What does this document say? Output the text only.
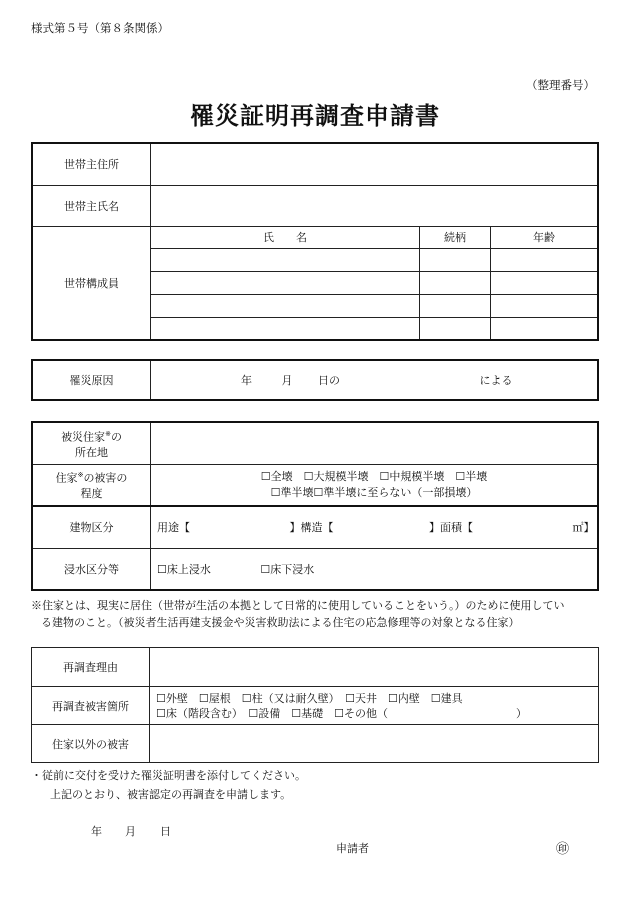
様式第５号（第８条関係）
（整理番号）
罹災証明再調査申請書
世帯主住所			
世帯主氏名			
世帯構成員	氏　　名	続柄	年齢

罹災原因	年	月 日の	による
被災住家※の
所在地	
住家※の被害の
程度	☐全壊　☐大規模半壊　☐中規模半壊　☐半壊
☐準半壊☐準半壊に至らない（一部損壊）
建物区分	用途【 】構造【 】面積【 ㎡】
浸水区分等	☐床上浸水 ☐床下浸水
※住家とは、現実に居住（世帯が生活の本拠として日常的に使用していることをいう。）のために使用してい
る建物のこと。（被災者生活再建支援金や災害救助法による住宅の応急修理等の対象となる住家）
再調査理由	
再調査被害箇所	☐外壁　☐屋根　☐柱（又は耐久壁）　☐天井　☐内壁　☐建具
☐床（階段含む）　☐設備　☐基礎　☐その他（ ）
住家以外の被害	
・従前に交付を受けた罹災証明書を添付してください。
上記のとおり、被害認定の再調査を申請します。
年 月 日
申請者	㊞
